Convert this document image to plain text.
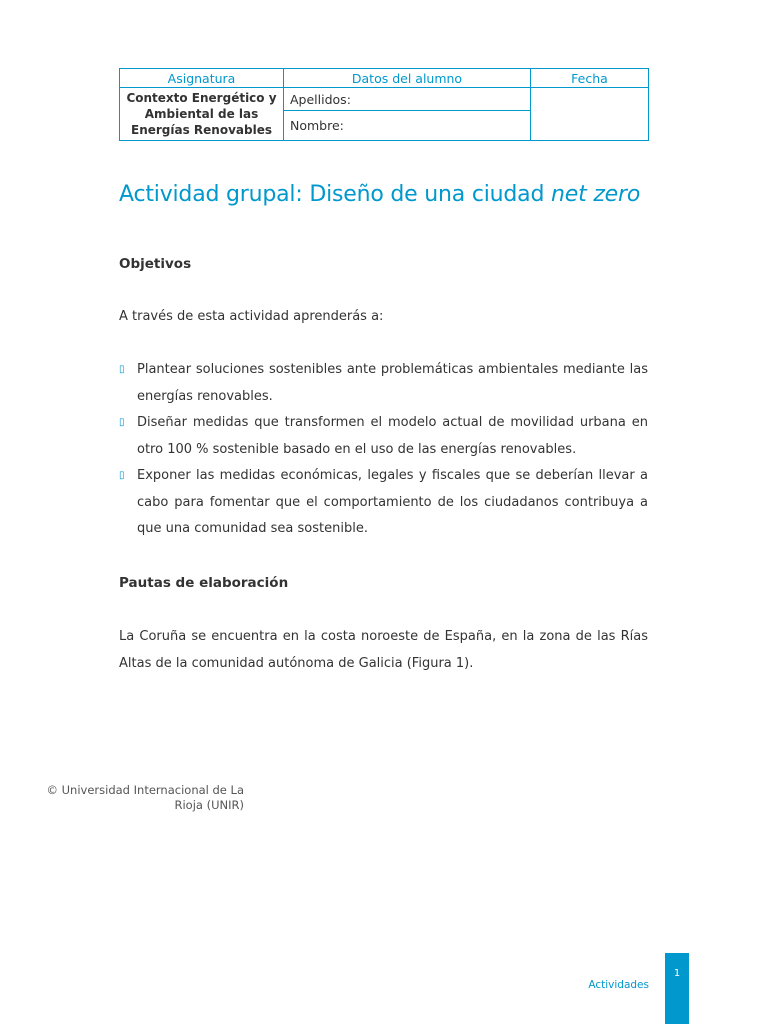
Asignatura	Datos del alumno	Fecha
Contexto Energético y Ambiental de las Energías Renovables	Apellidos:	
	Nombre:	
Actividad grupal: Diseño de una ciudad net zero
Objetivos

A través de esta actividad aprenderás a:

▯ Plantear soluciones sostenibles ante problemáticas ambientales mediante las energías renovables.
▯ Diseñar medidas que transformen el modelo actual de movilidad urbana en otro 100 % sostenible basado en el uso de las energías renovables.
▯ Exponer las medidas económicas, legales y fiscales que se deberían llevar a cabo para fomentar que el comportamiento de los ciudadanos contribuya a que una comunidad sea sostenible.
Pautas de elaboración

La Coruña se encuentra en la costa noroeste de España, en la zona de las Rías Altas de la comunidad autónoma de Galicia (Figura 1).

© Universidad Internacional de La Rioja (UNIR)
Actividades
1
